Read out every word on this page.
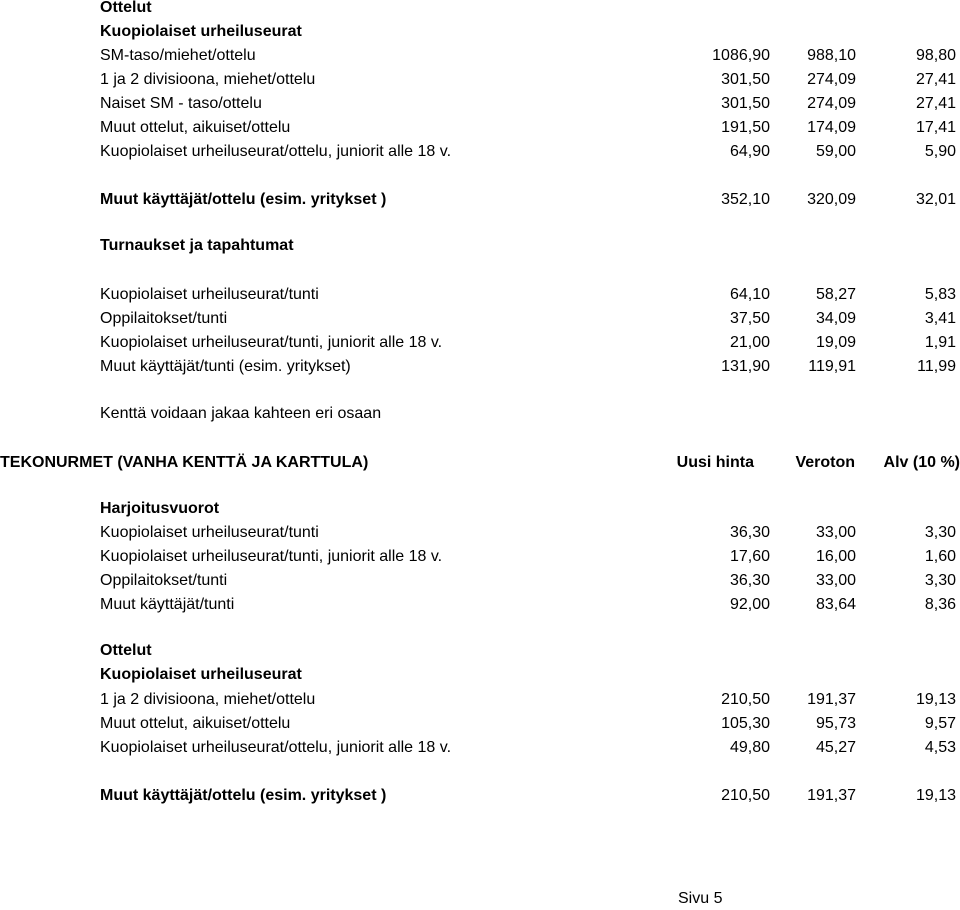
Ottelut
Kuopiolaiset urheiluseurat
SM-taso/miehet/ottelu	1086,90 988,10	98,80
1 ja 2 divisioona, miehet/ottelu	301,50 274,09	27,41
Naiset SM - taso/ottelu	301,50 274,09	27,41
Muut ottelut, aikuiset/ottelu	191,50 174,09	17,41
Kuopiolaiset urheiluseurat/ottelu, juniorit alle 18 v.	64,90	59,00	5,90
Muut käyttäjät/ottelu (esim. yritykset )	352,10 320,09	32,01
Turnaukset ja tapahtumat
Kuopiolaiset urheiluseurat/tunti	64,10	58,27	5,83
Oppilaitokset/tunti	37,50	34,09	3,41
Kuopiolaiset urheiluseurat/tunti, juniorit alle 18 v.	21,00	19,09	1,91
Muut käyttäjät/tunti (esim. yritykset)	131,90 119,91	11,99
Kenttä voidaan jakaa kahteen eri osaan
TEKONURMET (VANHA KENTTÄ JA KARTTULA)	Uusi hinta	Veroton Alv (10 %)
Harjoitusvuorot
Kuopiolaiset urheiluseurat/tunti	36,30	33,00	3,30
Kuopiolaiset urheiluseurat/tunti, juniorit alle 18 v.	17,60	16,00	1,60
Oppilaitokset/tunti	36,30	33,00	3,30
Muut käyttäjät/tunti	92,00	83,64	8,36
Ottelut
Kuopiolaiset urheiluseurat
1 ja 2 divisioona, miehet/ottelu	210,50 191,37	19,13
Muut ottelut, aikuiset/ottelu	105,30	95,73	9,57
Kuopiolaiset urheiluseurat/ottelu, juniorit alle 18 v.	49,80	45,27	4,53
Muut käyttäjät/ottelu (esim. yritykset )	210,50 191,37	19,13
Sivu 5
